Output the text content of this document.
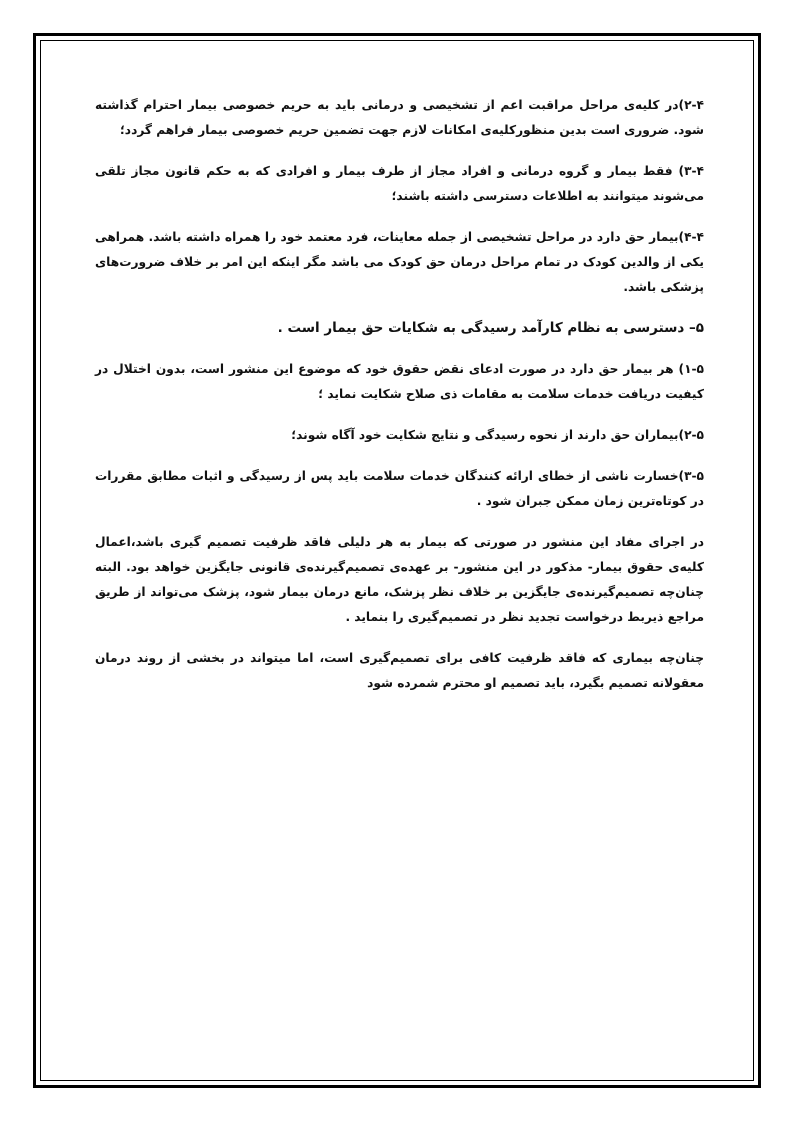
۲-۴)در کلیه‌ی مراحل مراقبت اعم از تشخیصی و درمانی باید به حریم خصوصی بیمار احترام گذاشته شود. ضروری است بدین منظورکلیه‌ی امکانات لازم جهت تضمین حریم خصوصی بیمار فراهم گردد؛

۳-۴) فقط بیمار و گروه درمانی و افراد مجاز از طرف بیمار و افرادی که به حکم قانون مجاز تلقی می‌شوند میتوانند به اطلاعات دسترسی داشته باشند؛

۴-۴)بیمار حق دارد در مراحل تشخیصی از جمله معاینات، فرد معتمد خود را همراه داشته باشد. همراهی یکی از والدین کودک در تمام مراحل درمان حق کودک می باشد مگر اینکه این امر بر خلاف ضرورت‌های پزشکی باشد.

۵– دسترسی به نظام کارآمد رسیدگی به شکایات حق بیمار است .

۱-۵) هر بیمار حق دارد در صورت ادعای نقض حقوق خود که موضوع این منشور است، بدون اختلال در کیفیت دریافت خدمات سلامت به مقامات ذی صلاح شکایت نماید ؛

۲-۵)بیماران حق دارند از نحوه رسیدگی و نتایج شکایت خود آگاه شوند؛

۳-۵)خسارت ناشی از خطای ارائه کنندگان خدمات سلامت باید پس از رسیدگی و اثبات مطابق مقررات در کوتاه‌ترین زمان ممکن جبران شود .

در اجرای مفاد این منشور در صورتی که بیمار به هر دلیلی فاقد ظرفیت تصمیم گیری باشد،اعمال کلیه‌ی حقوق بیمار- مذکور در این منشور- بر عهده‌ی تصمیم‌گیرنده‌ی قانونی جایگزین خواهد بود. البته چنان‌چه تصمیم‌گیرنده‌ی جایگزین بر خلاف نظر پزشک، مانع درمان بیمار شود، پزشک می‌تواند از طریق مراجع ذیربط درخواست تجدید نظر در تصمیم‌گیری را بنماید .

چنان‌چه بیماری که فاقد ظرفیت کافی برای تصمیم‌گیری است، اما میتواند در بخشی از روند درمان معقولانه تصمیم بگیرد، باید تصمیم او محترم شمرده شود
